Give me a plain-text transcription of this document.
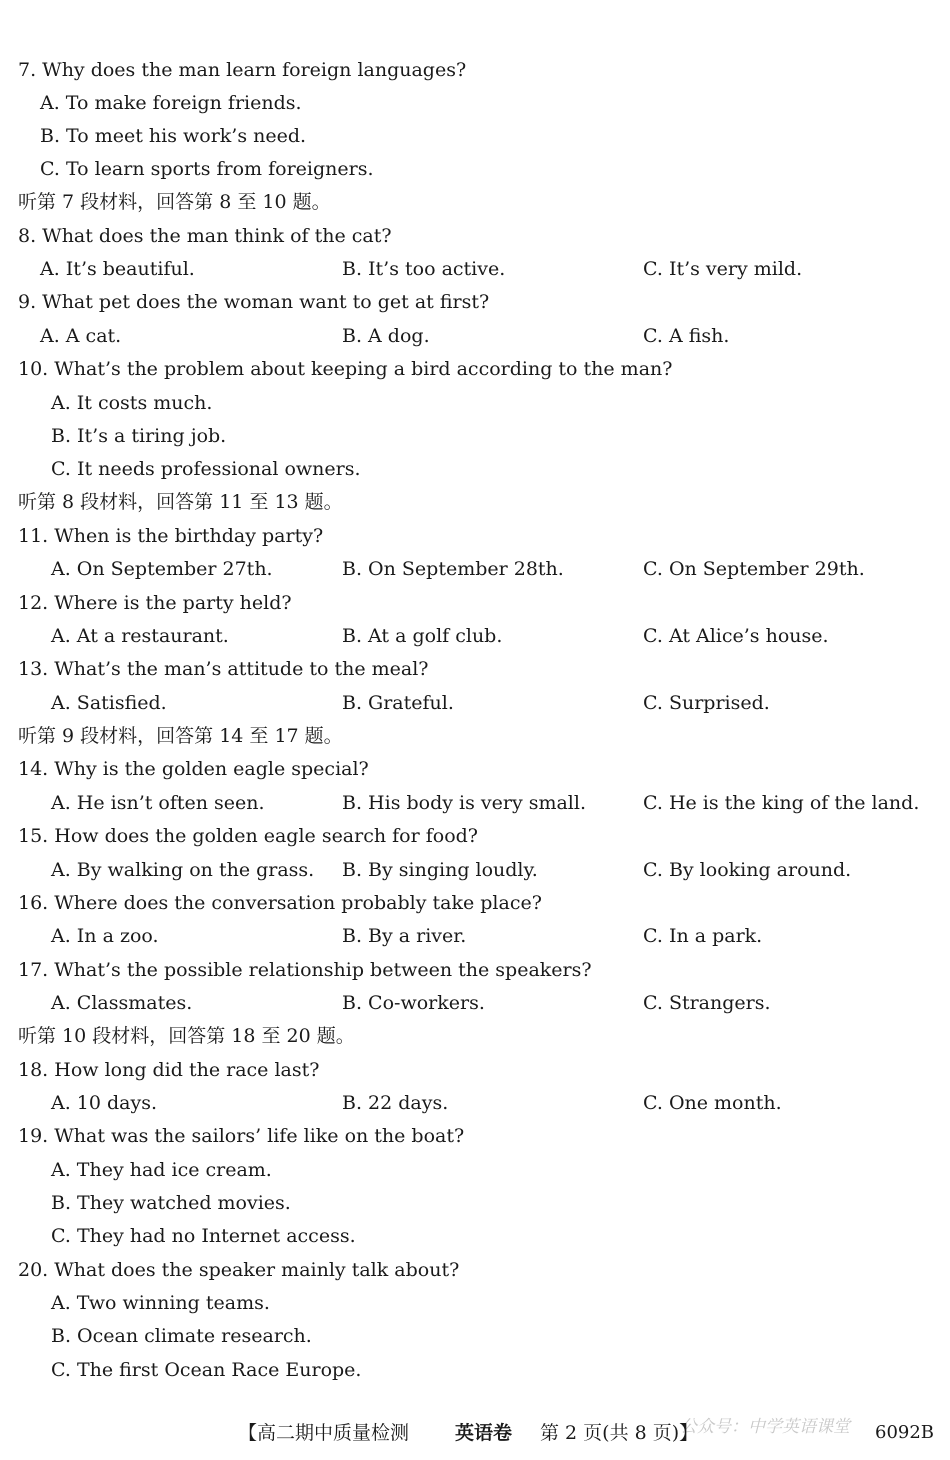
7. Why does the man learn foreign languages?
A. To make foreign friends.
B. To meet his work’s need.
C. To learn sports from foreigners.
听第 7 段材料，回答第 8 至 10 题。
8. What does the man think of the cat?
A. It’s beautiful.	B. It’s too active.	C. It’s very mild.
9. What pet does the woman want to get at first?
A. A cat.	B. A dog.	C. A fish.
10. What’s the problem about keeping a bird according to the man?
A. It costs much.
B. It’s a tiring job.
C. It needs professional owners.
听第 8 段材料，回答第 11 至 13 题。
11. When is the birthday party?
A. On September 27th.	B. On September 28th.	C. On September 29th.
12. Where is the party held?
A. At a restaurant.	B. At a golf club.	C. At Alice’s house.
13. What’s the man’s attitude to the meal?
A. Satisfied.	B. Grateful.	C. Surprised.
听第 9 段材料，回答第 14 至 17 题。
14. Why is the golden eagle special?
A. He isn’t often seen.	B. His body is very small.	C. He is the king of the land.
15. How does the golden eagle search for food?
A. By walking on the grass. B. By singing loudly.	C. By looking around.
16. Where does the conversation probably take place?
A. In a zoo.	B. By a river.	C. In a park.
17. What’s the possible relationship between the speakers?
A. Classmates.	B. Co-workers.	C. Strangers.
听第 10 段材料，回答第 18 至 20 题。
18. How long did the race last?
A. 10 days.	B. 22 days.	C. One month.
19. What was the sailors’ life like on the boat?
A. They had ice cream.
B. They watched movies.
C. They had no Internet access.
20. What does the speaker mainly talk about?
A. Two winning teams.
B. Ocean climate research.
C. The first Ocean Race Europe.
公众号：中学英语课堂
【高二期中质量检测 英语卷 第 2 页(共 8 页)】	6092B
